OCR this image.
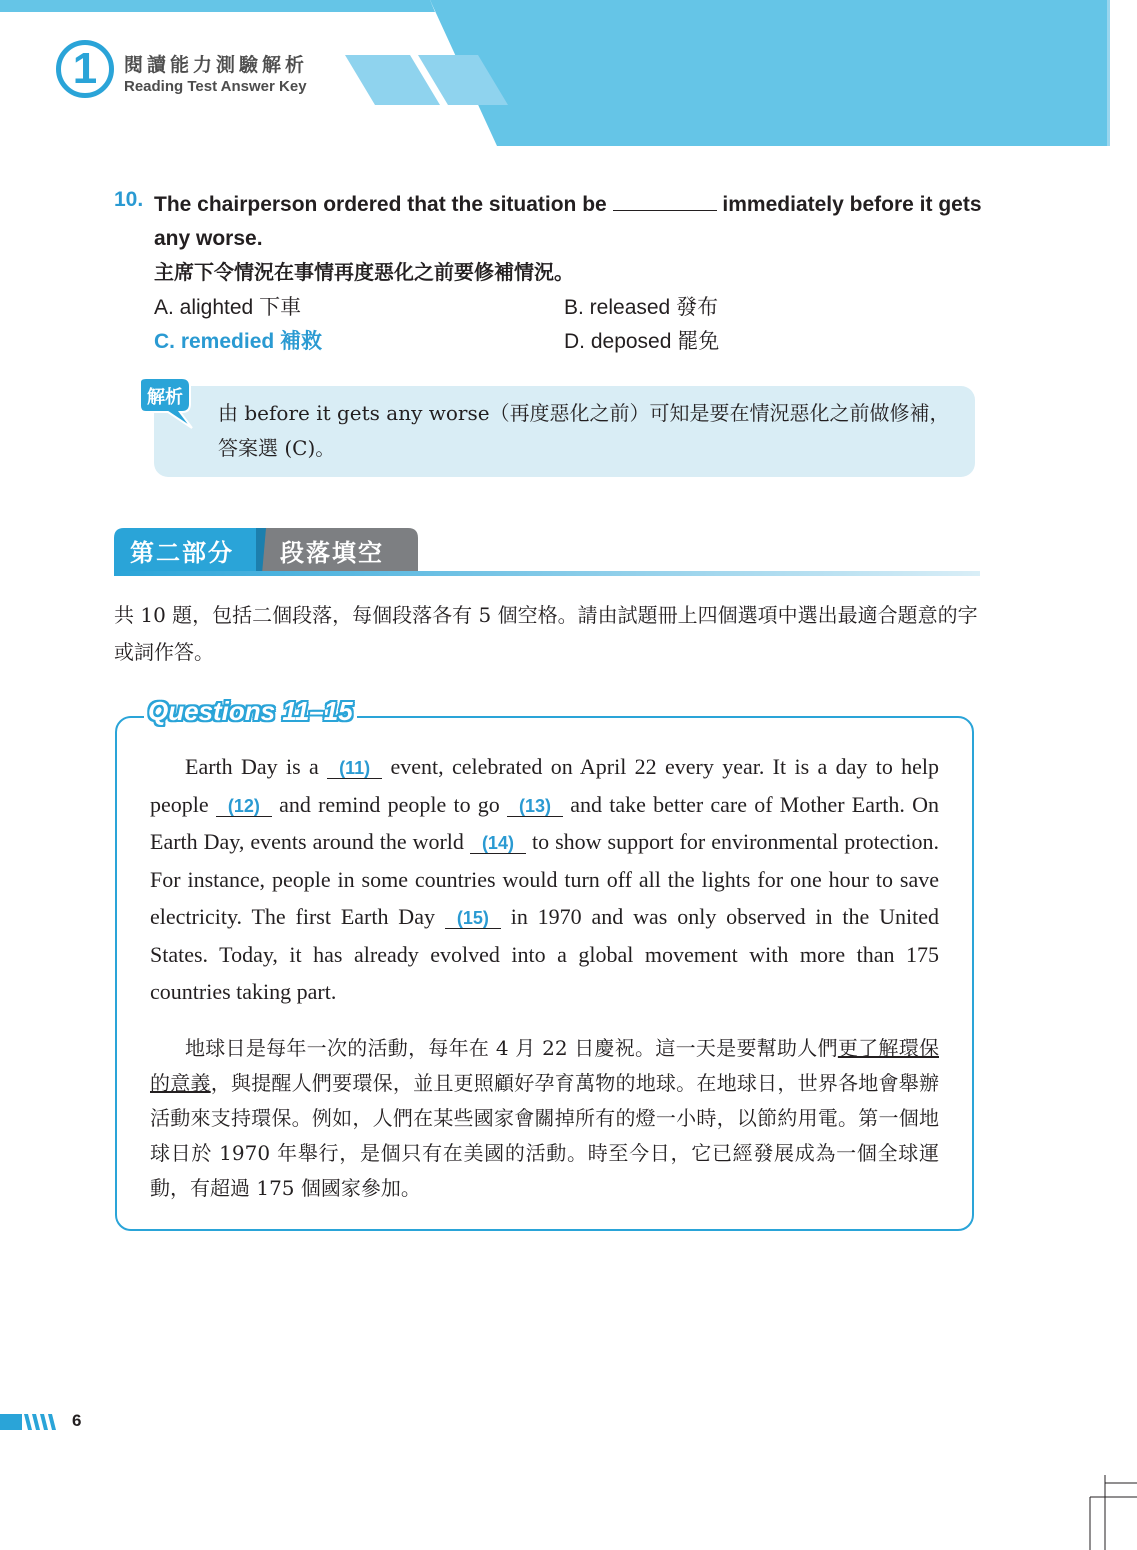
1	閱讀能力測驗解析
Reading Test Answer Key
10. The chairperson ordered that the situation be	immediately before it gets any worse.
主席下令情況在事情再度惡化之前要修補情況。
A. alighted 下車	B. released 發布
C. remedied 補救	D. deposed 罷免
解析
由 before it gets any worse（再度惡化之前）可知是要在情況惡化之前做修補，答案選 (C)。
第二部分 段落填空
共 10 題，包括二個段落，每個段落各有 5 個空格。請由試題冊上四個選項中選出最適合題意的字或詞作答。
Questions 11–15

Earth Day is a (11) event, celebrated on April 22 every year. It is a day to help people (12) and remind people to go (13) and take better care of Mother Earth. On Earth Day, events around the world (14) to show support for environmental protection. For instance, people in some countries would turn off all the lights for one hour to save electricity. The first Earth Day (15) in 1970 and was only observed in the United States. Today, it has already evolved into a global movement with more than 175 countries taking part.

地球日是每年一次的活動，每年在 4 月 22 日慶祝。這一天是要幫助人們更了解環保的意義，與提醒人們要環保，並且更照顧好孕育萬物的地球。在地球日，世界各地會舉辦活動來支持環保。例如，人們在某些國家會關掉所有的燈一小時，以節約用電。第一個地球日於 1970 年舉行，是個只有在美國的活動。時至今日，它已經發展成為一個全球運動，有超過 175 個國家參加。

6
